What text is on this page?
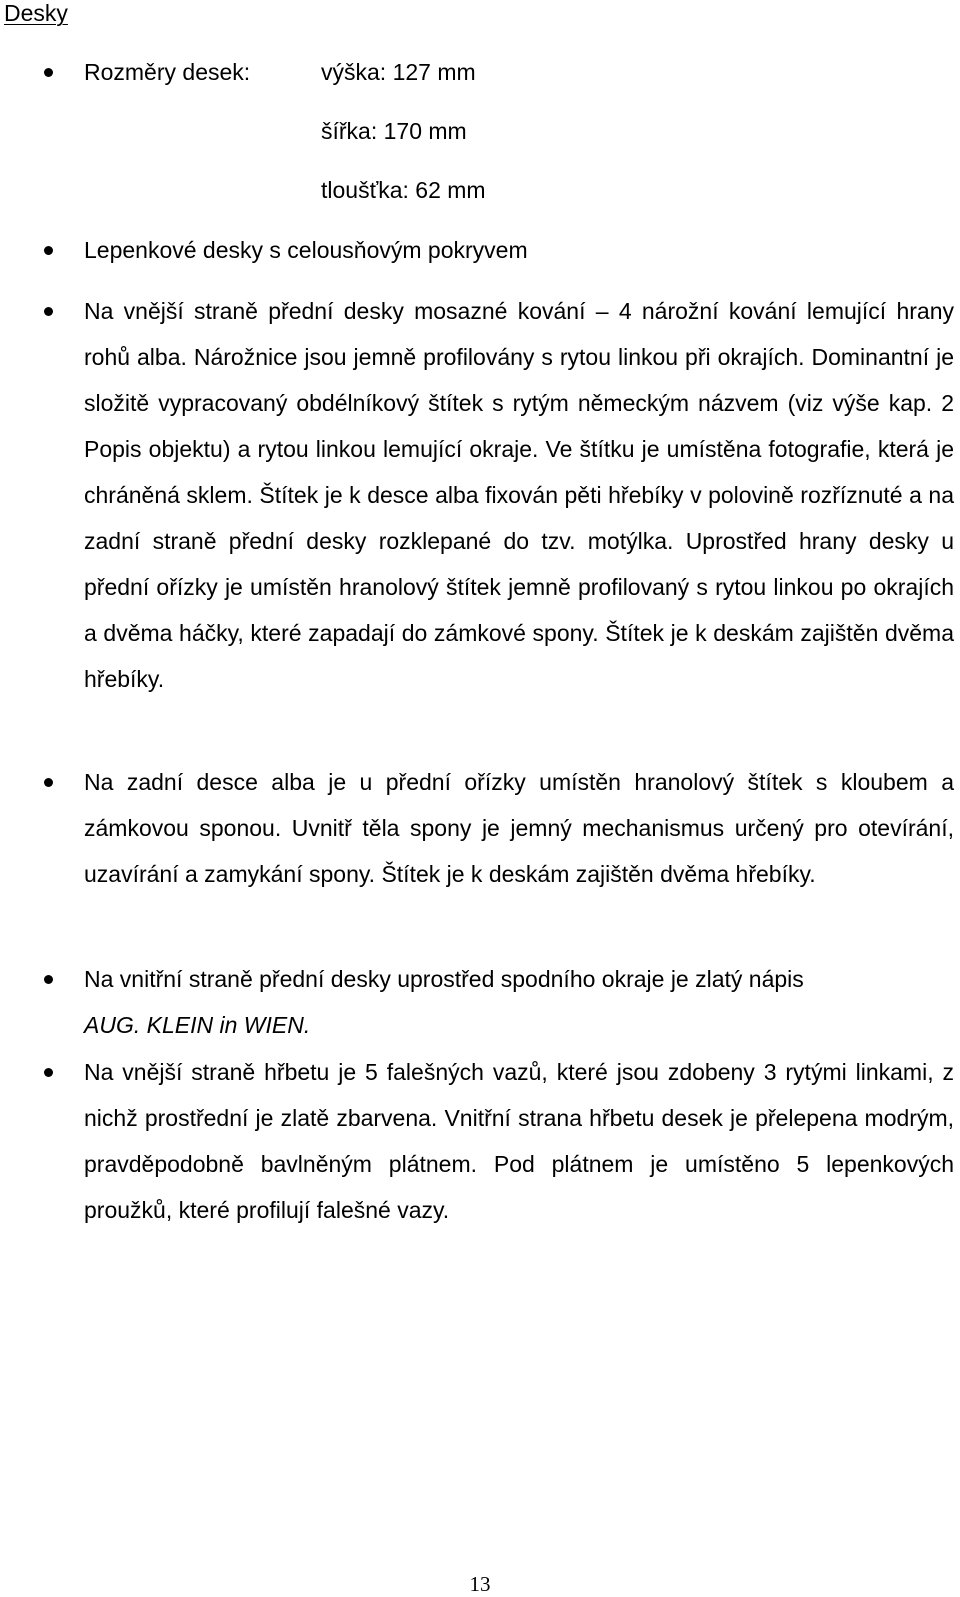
Desky
Rozměry desek:	výška: 127 mm
šířka: 170 mm
tloušťka: 62 mm
Lepenkové desky s celousňovým pokryvem
Na vnější straně přední desky mosazné kování – 4 nárožní kování lemující hrany rohů alba. Nárožnice jsou jemně profilovány s rytou linkou při okrajích. Dominantní je složitě vypracovaný obdélníkový štítek s rytým německým názvem (viz výše kap. 2 Popis objektu) a rytou linkou lemující okraje. Ve štítku je umístěna fotografie, která je chráněná sklem. Štítek je k desce alba fixován pěti hřebíky v polovině rozříznuté a na zadní straně přední desky rozklepané do tzv. motýlka. Uprostřed hrany desky u přední ořízky je umístěn hranolový štítek jemně profilovaný s rytou linkou po okrajích a dvěma háčky, které zapadají do zámkové spony. Štítek je k deskám zajištěn dvěma hřebíky.
Na zadní desce alba je u přední ořízky umístěn hranolový štítek s kloubem a zámkovou sponou. Uvnitř těla spony je jemný mechanismus určený pro otevírání, uzavírání a zamykání spony. Štítek je k deskám zajištěn dvěma hřebíky.
Na vnitřní straně přední desky uprostřed spodního okraje je zlatý nápis
AUG. KLEIN in WIEN.
Na vnější straně hřbetu je 5 falešných vazů, které jsou zdobeny 3 rytými linkami, z nichž prostřední je zlatě zbarvena. Vnitřní strana hřbetu desek je přelepena modrým, pravděpodobně bavlněným plátnem. Pod plátnem je umístěno 5 lepenkových proužků, které profilují falešné vazy.
13
